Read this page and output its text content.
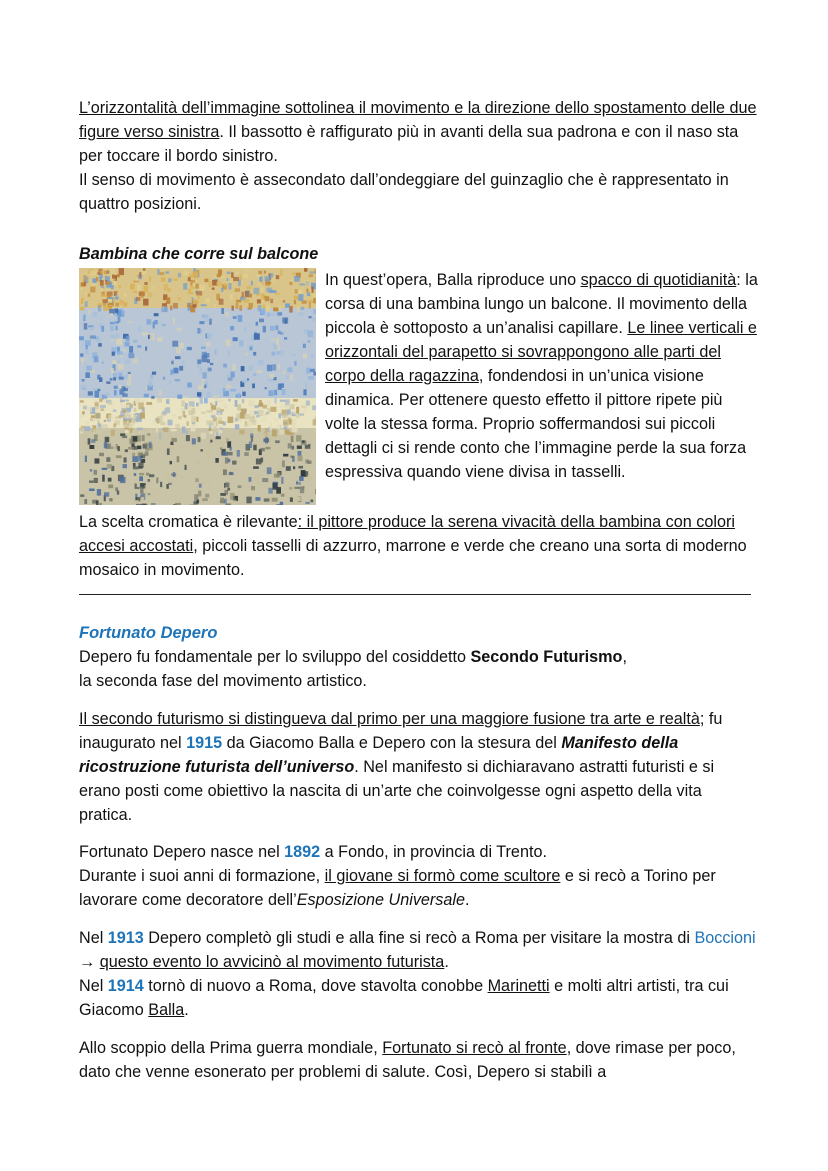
L’orizzontalità dell’immagine sottolinea il movimento e la direzione dello spostamento delle due figure verso sinistra. Il bassotto è raffigurato più in avanti della sua padrona e con il naso sta per toccare il bordo sinistro.
Il senso di movimento è assecondato dall’ondeggiare del guinzaglio che è rappresentato in quattro posizioni.

Bambina che corre sul balcone

In quest’opera, Balla riproduce uno spacco di quotidianità: la corsa di una bambina lungo un balcone. Il movimento della piccola è sottoposto a un’analisi capillare. Le linee verticali e orizzontali del parapetto si sovrappongono alle parti del corpo della ragazzina, fondendosi in un’unica visione dinamica. Per ottenere questo effetto il pittore ripete più volte la stessa forma. Proprio soffermandosi sui piccoli dettagli ci si rende conto che l’immagine perde la sua forza espressiva quando viene divisa in tasselli.

La scelta cromatica è rilevante: il pittore produce la serena vivacità della bambina con colori accesi accostati, piccoli tasselli di azzurro, marrone e verde che creano una sorta di moderno mosaico in movimento.

Fortunato Depero

Depero fu fondamentale per lo sviluppo del cosiddetto Secondo Futurismo,
la seconda fase del movimento artistico.

Il secondo futurismo si distingueva dal primo per una maggiore fusione tra arte e realtà; fu inaugurato nel 1915 da Giacomo Balla e Depero con la stesura del Manifesto della ricostruzione futurista dell’universo. Nel manifesto si dichiaravano astratti futuristi e si erano posti come obiettivo la nascita di un’arte che coinvolgesse ogni aspetto della vita pratica.

Fortunato Depero nasce nel 1892 a Fondo, in provincia di Trento.
Durante i suoi anni di formazione, il giovane si formò come scultore e si recò a Torino per lavorare come decoratore dell’Esposizione Universale.

Nel 1913 Depero completò gli studi e alla fine si recò a Roma per visitare la mostra di Boccioni → questo evento lo avvicinò al movimento futurista.
Nel 1914 tornò di nuovo a Roma, dove stavolta conobbe Marinetti e molti altri artisti, tra cui Giacomo Balla.

Allo scoppio della Prima guerra mondiale, Fortunato si recò al fronte, dove rimase per poco, dato che venne esonerato per problemi di salute. Così, Depero si stabilì a
